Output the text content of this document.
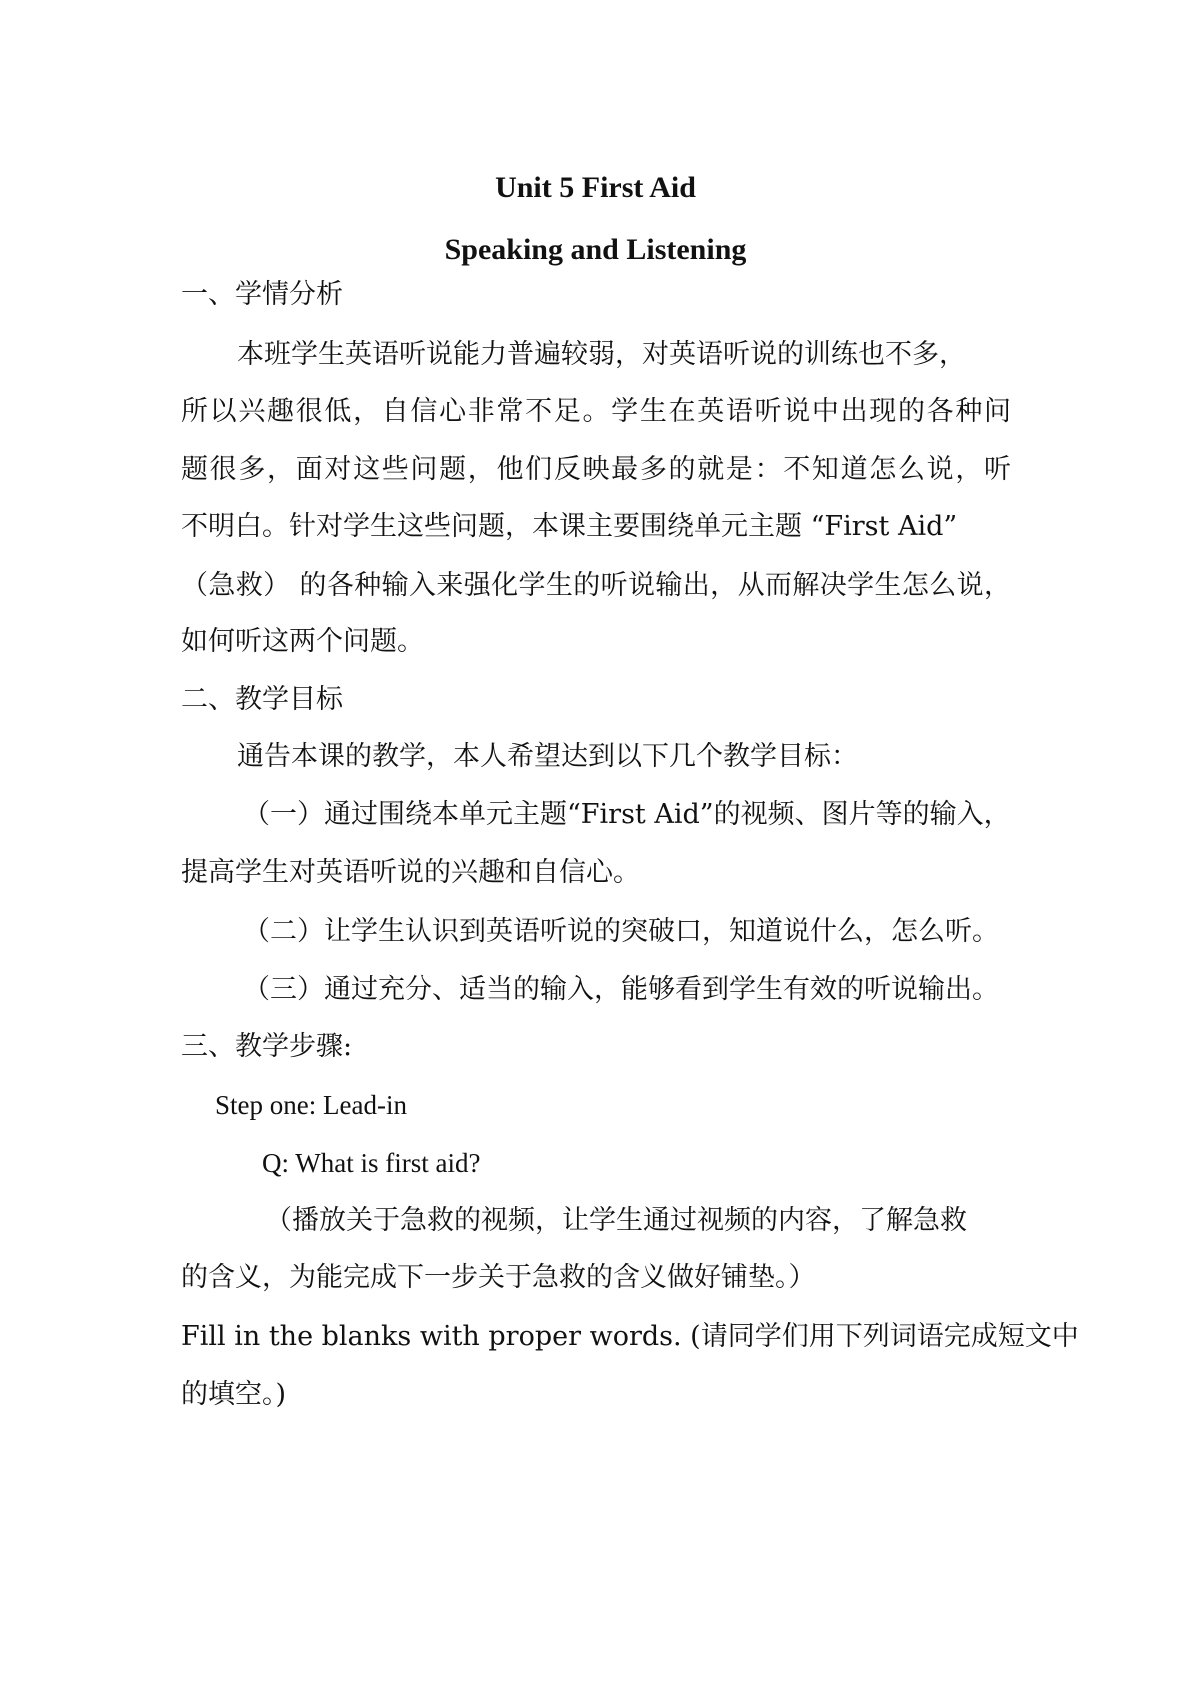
Unit 5 First Aid
Speaking and Listening

一、学情分析

本班学生英语听说能力普遍较弱，对英语听说的训练也不多，

所以兴趣很低，自信心非常不足。学生在英语听说中出现的各种问

题很多，面对这些问题，他们反映最多的就是：不知道怎么说，听

不明白。针对学生这些问题，本课主要围绕单元主题 “First Aid”

（急救） 的各种输入来强化学生的听说输出，从而解决学生怎么说，

如何听这两个问题。

二、教学目标

通告本课的教学，本人希望达到以下几个教学目标：

（一）通过围绕本单元主题“First Aid”的视频、图片等的输入，

提高学生对英语听说的兴趣和自信心。

（二）让学生认识到英语听说的突破口，知道说什么，怎么听。

（三）通过充分、适当的输入，能够看到学生有效的听说输出。

三、教学步骤:

Step one: Lead-in

Q: What is first aid?

（播放关于急救的视频，让学生通过视频的内容，了解急救

的含义，为能完成下一步关于急救的含义做好铺垫。）

Fill in the blanks with proper words. (请同学们用下列词语完成短文中

的填空。)
